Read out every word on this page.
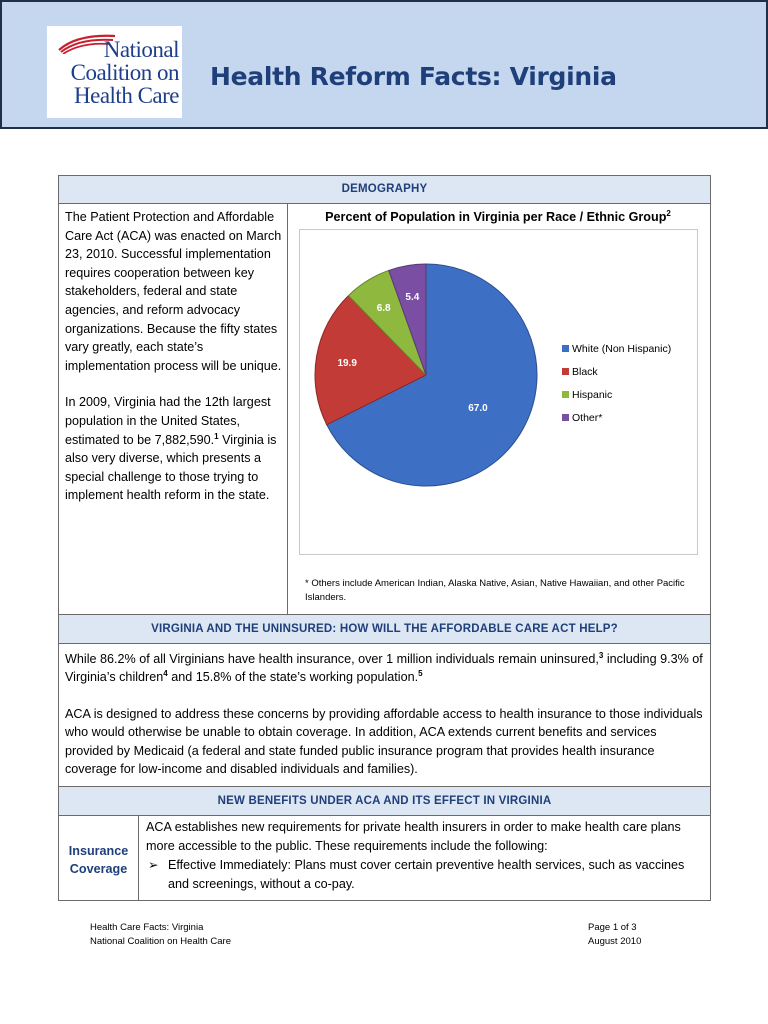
National
Coalition on
Health Care
Health Reform Facts: Virginia
DEMOGRAPHY

The Patient Protection and Affordable Care Act (ACA) was enacted on March 23, 2010. Successful implementation requires cooperation between key stakeholders, federal and state agencies, and reform advocacy organizations. Because the fifty states vary greatly, each state’s implementation process will be unique.

In 2009, Virginia had the 12th largest population in the United States, estimated to be 7,882,590.$^1$ Virginia is also very diverse, which presents a special challenge to those trying to implement health reform in the state.

Percent of Population in Virginia per Race / Ethnic Group$^2$
67.0
19.9
6.8
5.4
White (Non Hispanic)
Black
Hispanic
Other*
* Others include American Indian, Alaska Native, Asian, Native Hawaiian, and other Pacific Islanders.
VIRGINIA AND THE UNINSURED: HOW WILL THE AFFORDABLE CARE ACT HELP?

While 86.2% of all Virginians have health insurance, over 1 million individuals remain uninsured,$^3$ including 9.3% of Virginia’s children$^4$ and 15.8% of the state’s working population.$^5$

ACA is designed to address these concerns by providing affordable access to health insurance to those individuals who would otherwise be unable to obtain coverage. In addition, ACA extends current benefits and services provided by Medicaid (a federal and state funded public insurance program that provides health insurance coverage for low-income and disabled individuals and families).

NEW BENEFITS UNDER ACA AND ITS EFFECT IN VIRGINIA
Insurance
Coverage
ACA establishes new requirements for private health insurers in order to make health care plans more accessible to the public. These requirements include the following:
➢ Effective Immediately: Plans must cover certain preventive health services, such as vaccines and screenings, without a co-pay.
Health Care Facts: Virginia
National Coalition on Health Care
Page 1 of 3
August 2010
